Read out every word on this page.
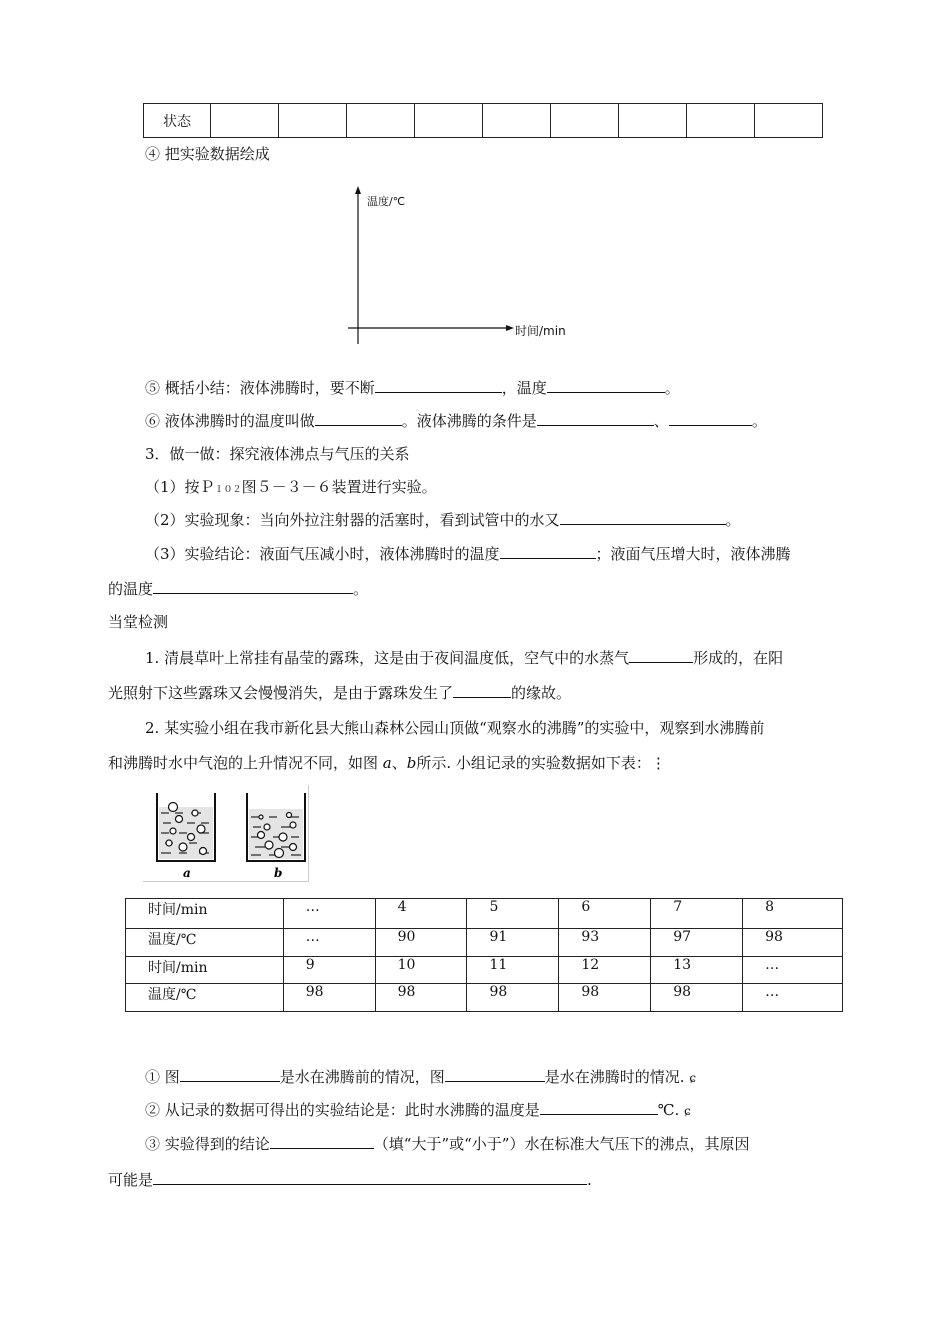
状态									
④ 把实验数据绘成
温度/℃
时间/min
⑤ 概括小结：液体沸腾时，要不断	，温度	。
⑥ 液体沸腾时的温度叫做	。液体沸腾的条件是	、	。
3．做一做：探究液体沸点与气压的关系
（1）按Ｐ１０２图５－３－６装置进行实验。
（2）实验现象：当向外拉注射器的活塞时，看到试管中的水又	。
（3）实验结论：液面气压减小时，液体沸腾时的温度	；液面气压增大时，液体沸腾
的温度	。
当堂检测
1. 清晨草叶上常挂有晶莹的露珠，这是由于夜间温度低，空气中的水蒸气	形成的，在阳
光照射下这些露珠又会慢慢消失，是由于露珠发生了	的缘故。
2. 某实验小组在我市新化县大熊山森林公园山顶做“观察水的沸腾”的实验中，观察到水沸腾前
和沸腾时水中气泡的上升情况不同，如图 a、b所示. 小组记录的实验数据如下表：⋮
a	b
时间/min	…	4	5	6	7	8
温度/℃	…	90	91	93	97	98
时间/min	9	10	11	12	13	…
温度/℃	98	98	98	98	98	…
① 图	是水在沸腾前的情况，图	是水在沸腾时的情况. ɕ
② 从记录的数据可得出的实验结论是：此时水沸腾的温度是	℃. ɕ
③ 实验得到的结论	（填“大于”或“小于”）水在标准大气压下的沸点，其原因
可能是	.
